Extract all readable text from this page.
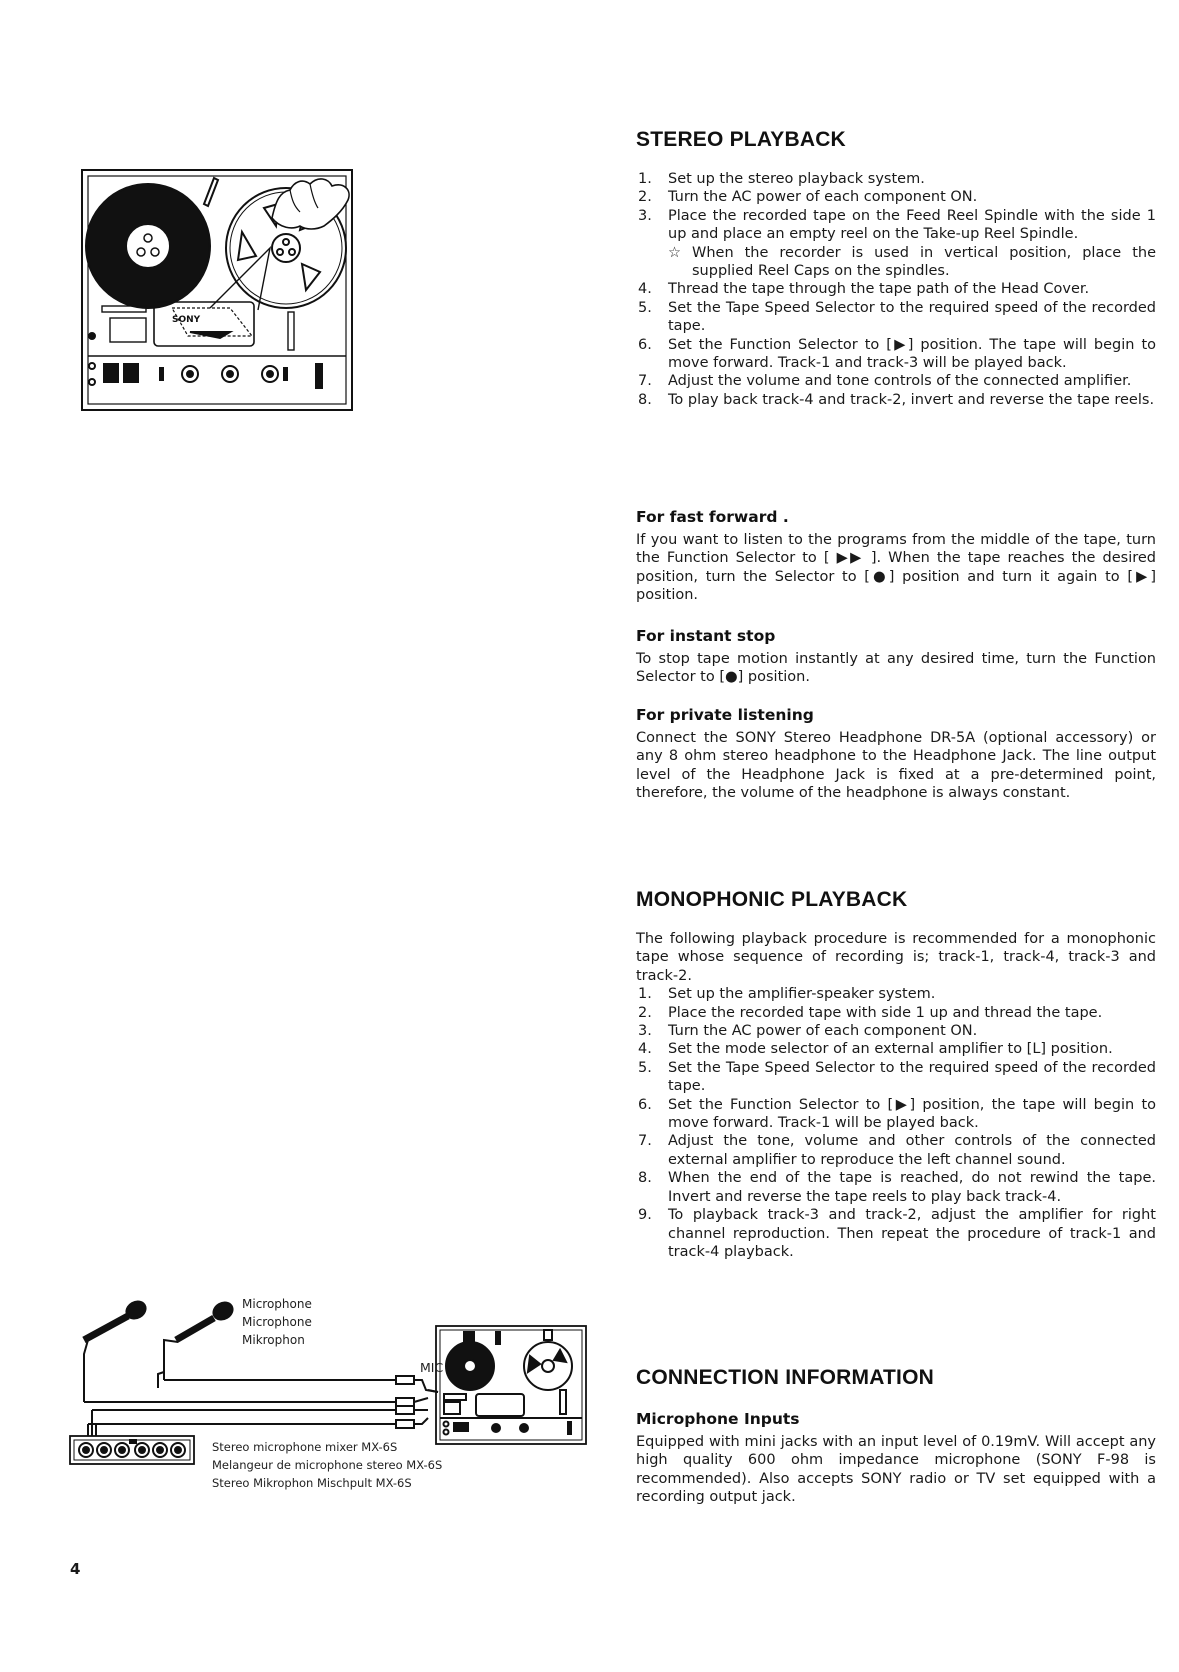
SONY
STEREO PLAYBACK
1. Set up the stereo playback system.
2. Turn the AC power of each component ON.
3. Place the recorded tape on the Feed Reel Spindle with the side 1 up and place an empty reel on the Take-up Reel Spindle.
☆ When the recorder is used in vertical position, place the supplied Reel Caps on the spindles.
4. Thread the tape through the tape path of the Head Cover.
5. Set the Tape Speed Selector to the required speed of the recorded tape.
6. Set the Function Selector to [▶] position. The tape will begin to move forward. Track-1 and track-3 will be played back.
7. Adjust the volume and tone controls of the connected amplifier.
8. To play back track-4 and track-2, invert and reverse the tape reels.
For fast forward .

If you want to listen to the programs from the middle of the tape, turn the Function Selector to [ ▶▶ ]. When the tape reaches the desired position, turn the Selector to [●] position and turn it again to [▶] position.

For instant stop

To stop tape motion instantly at any desired time, turn the Function Selector to [●] position.

For private listening

Connect the SONY Stereo Headphone DR-5A (optional accessory) or any 8 ohm stereo headphone to the Headphone Jack. The line output level of the Headphone Jack is fixed at a pre-determined point, therefore, the volume of the headphone is always constant.

MONOPHONIC PLAYBACK

The following playback procedure is recommended for a monophonic tape whose sequence of recording is; track-1, track-4, track-3 and track-2.

1. Set up the amplifier-speaker system.
2. Place the recorded tape with side 1 up and thread the tape.
3. Turn the AC power of each component ON.
4. Set the mode selector of an external amplifier to [L] position.
5. Set the Tape Speed Selector to the required speed of the recorded tape.
6. Set the Function Selector to [▶] position, the tape will begin to move forward. Track-1 will be played back.
7. Adjust the tone, volume and other controls of the connected external amplifier to reproduce the left channel sound.
8. When the end of the tape is reached, do not rewind the tape. Invert and reverse the tape reels to play back track-4.
9. To playback track-3 and track-2, adjust the amplifier for right channel reproduction. Then repeat the procedure of track-1 and track-4 playback.
CONNECTION INFORMATION
Microphone Inputs

Equipped with mini jacks with an input level of 0.19mV. Will accept any high quality 600 ohm impedance microphone (SONY F-98 is recommended). Also accepts SONY radio or TV set equipped with a recording output jack.

Microphone
Microphone
Mikrophon
MIC
Stereo microphone mixer MX-6S
Melangeur de microphone stereo MX-6S
Stereo Mikrophon Mischpult MX-6S
4
